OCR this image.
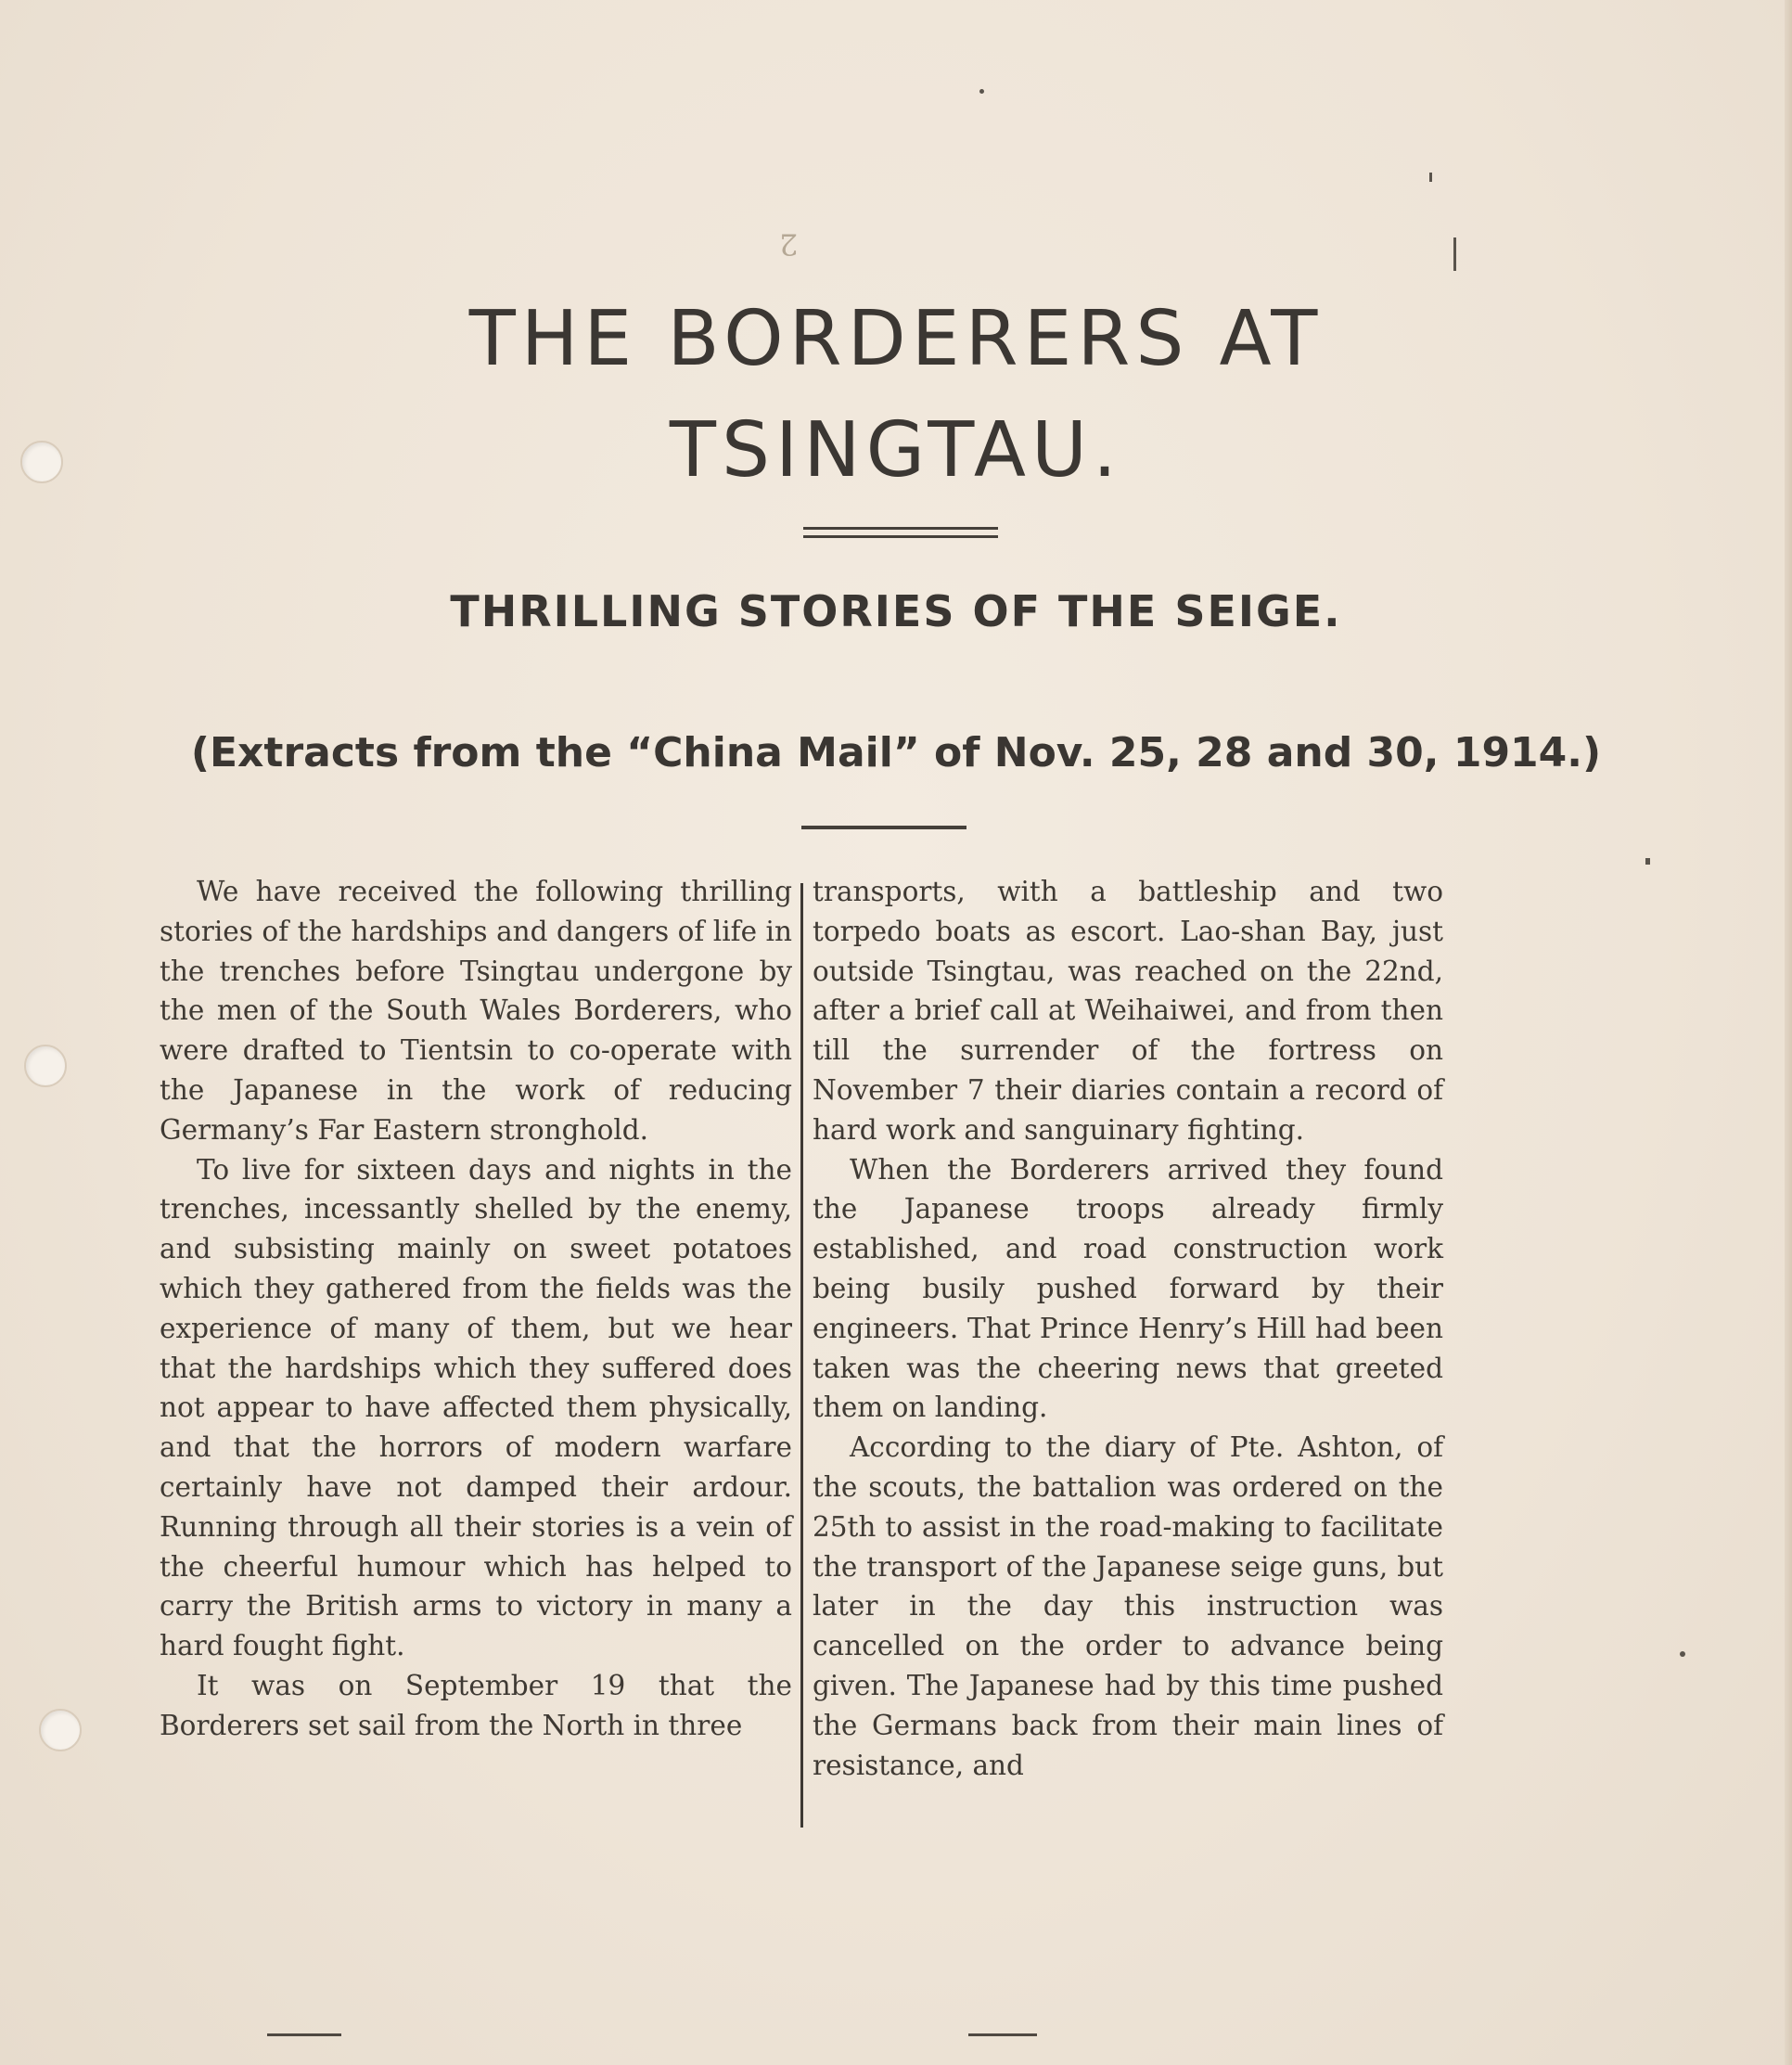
2
THE BORDERERS AT
TSINGTAU.
THRILLING STORIES OF THE SEIGE.
(Extracts from the “China Mail” of Nov. 25, 28 and 30, 1914.)

We have received the following thrilling stories of the hardships and dangers of life in the trenches before Tsingtau undergone by the men of the South Wales Borderers, who were drafted to Tientsin to co-operate with the Japanese in the work of reducing Germany’s Far Eastern stronghold.

To live for sixteen days and nights in the trenches, incessantly shelled by the enemy, and subsisting mainly on sweet potatoes which they gathered from the fields was the experience of many of them, but we hear that the hardships which they suffered does not appear to have affected them physically, and that the horrors of modern warfare certainly have not damped their ardour. Running through all their stories is a vein of the cheerful humour which has helped to carry the British arms to victory in many a hard fought fight.

It was on September 19 that the Borderers set sail from the North in three

transports, with a battleship and two torpedo boats as escort. Lao-shan Bay, just outside Tsingtau, was reached on the 22nd, after a brief call at Weihaiwei, and from then till the surrender of the fortress on November 7 their diaries contain a record of hard work and sanguinary fighting.

When the Borderers arrived they found the Japanese troops already firmly established, and road construction work being busily pushed forward by their engineers. That Prince Henry’s Hill had been taken was the cheering news that greeted them on landing.

According to the diary of Pte. Ashton, of the scouts, the battalion was ordered on the 25th to assist in the road-making to facilitate the transport of the Japanese seige guns, but later in the day this instruction was cancelled on the order to advance being given. The Japanese had by this time pushed the Germans back from their main lines of resistance, and
